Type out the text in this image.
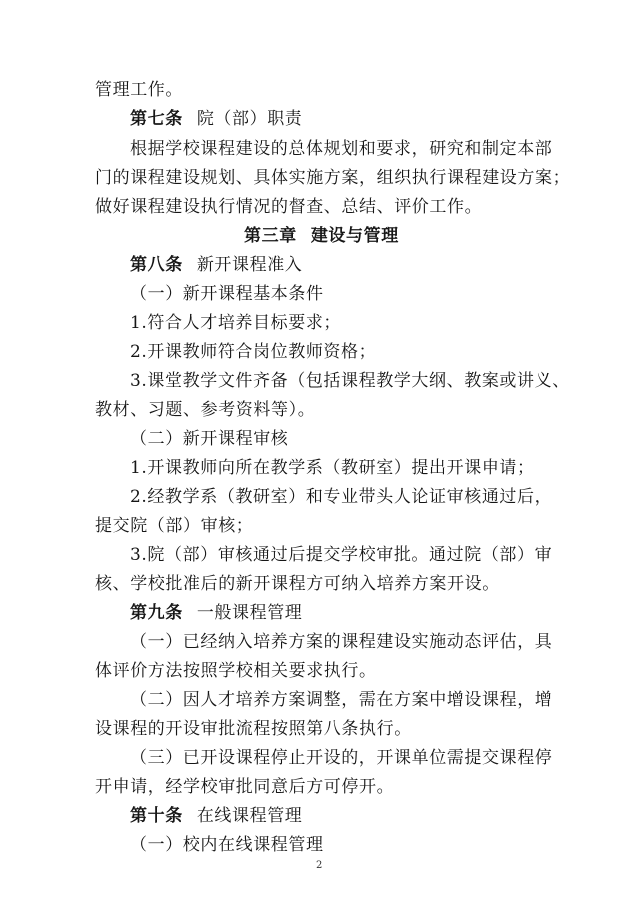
管理工作。
第七条 院（部）职责
根据学校课程建设的总体规划和要求，研究和制定本部
门的课程建设规划、具体实施方案，组织执行课程建设方案；
做好课程建设执行情况的督查、总结、评价工作。
第三章 建设与管理
第八条 新开课程准入
（一）新开课程基本条件
1.符合人才培养目标要求；
2.开课教师符合岗位教师资格；
3.课堂教学文件齐备（包括课程教学大纲、教案或讲义、
教材、习题、参考资料等）。
（二）新开课程审核
1.开课教师向所在教学系（教研室）提出开课申请；
2.经教学系（教研室）和专业带头人论证审核通过后，
提交院（部）审核；
3.院（部）审核通过后提交学校审批。通过院（部）审
核、学校批准后的新开课程方可纳入培养方案开设。
第九条 一般课程管理
（一）已经纳入培养方案的课程建设实施动态评估，具
体评价方法按照学校相关要求执行。
（二）因人才培养方案调整，需在方案中增设课程，增
设课程的开设审批流程按照第八条执行。
（三）已开设课程停止开设的，开课单位需提交课程停
开申请，经学校审批同意后方可停开。
第十条 在线课程管理
（一）校内在线课程管理
2
